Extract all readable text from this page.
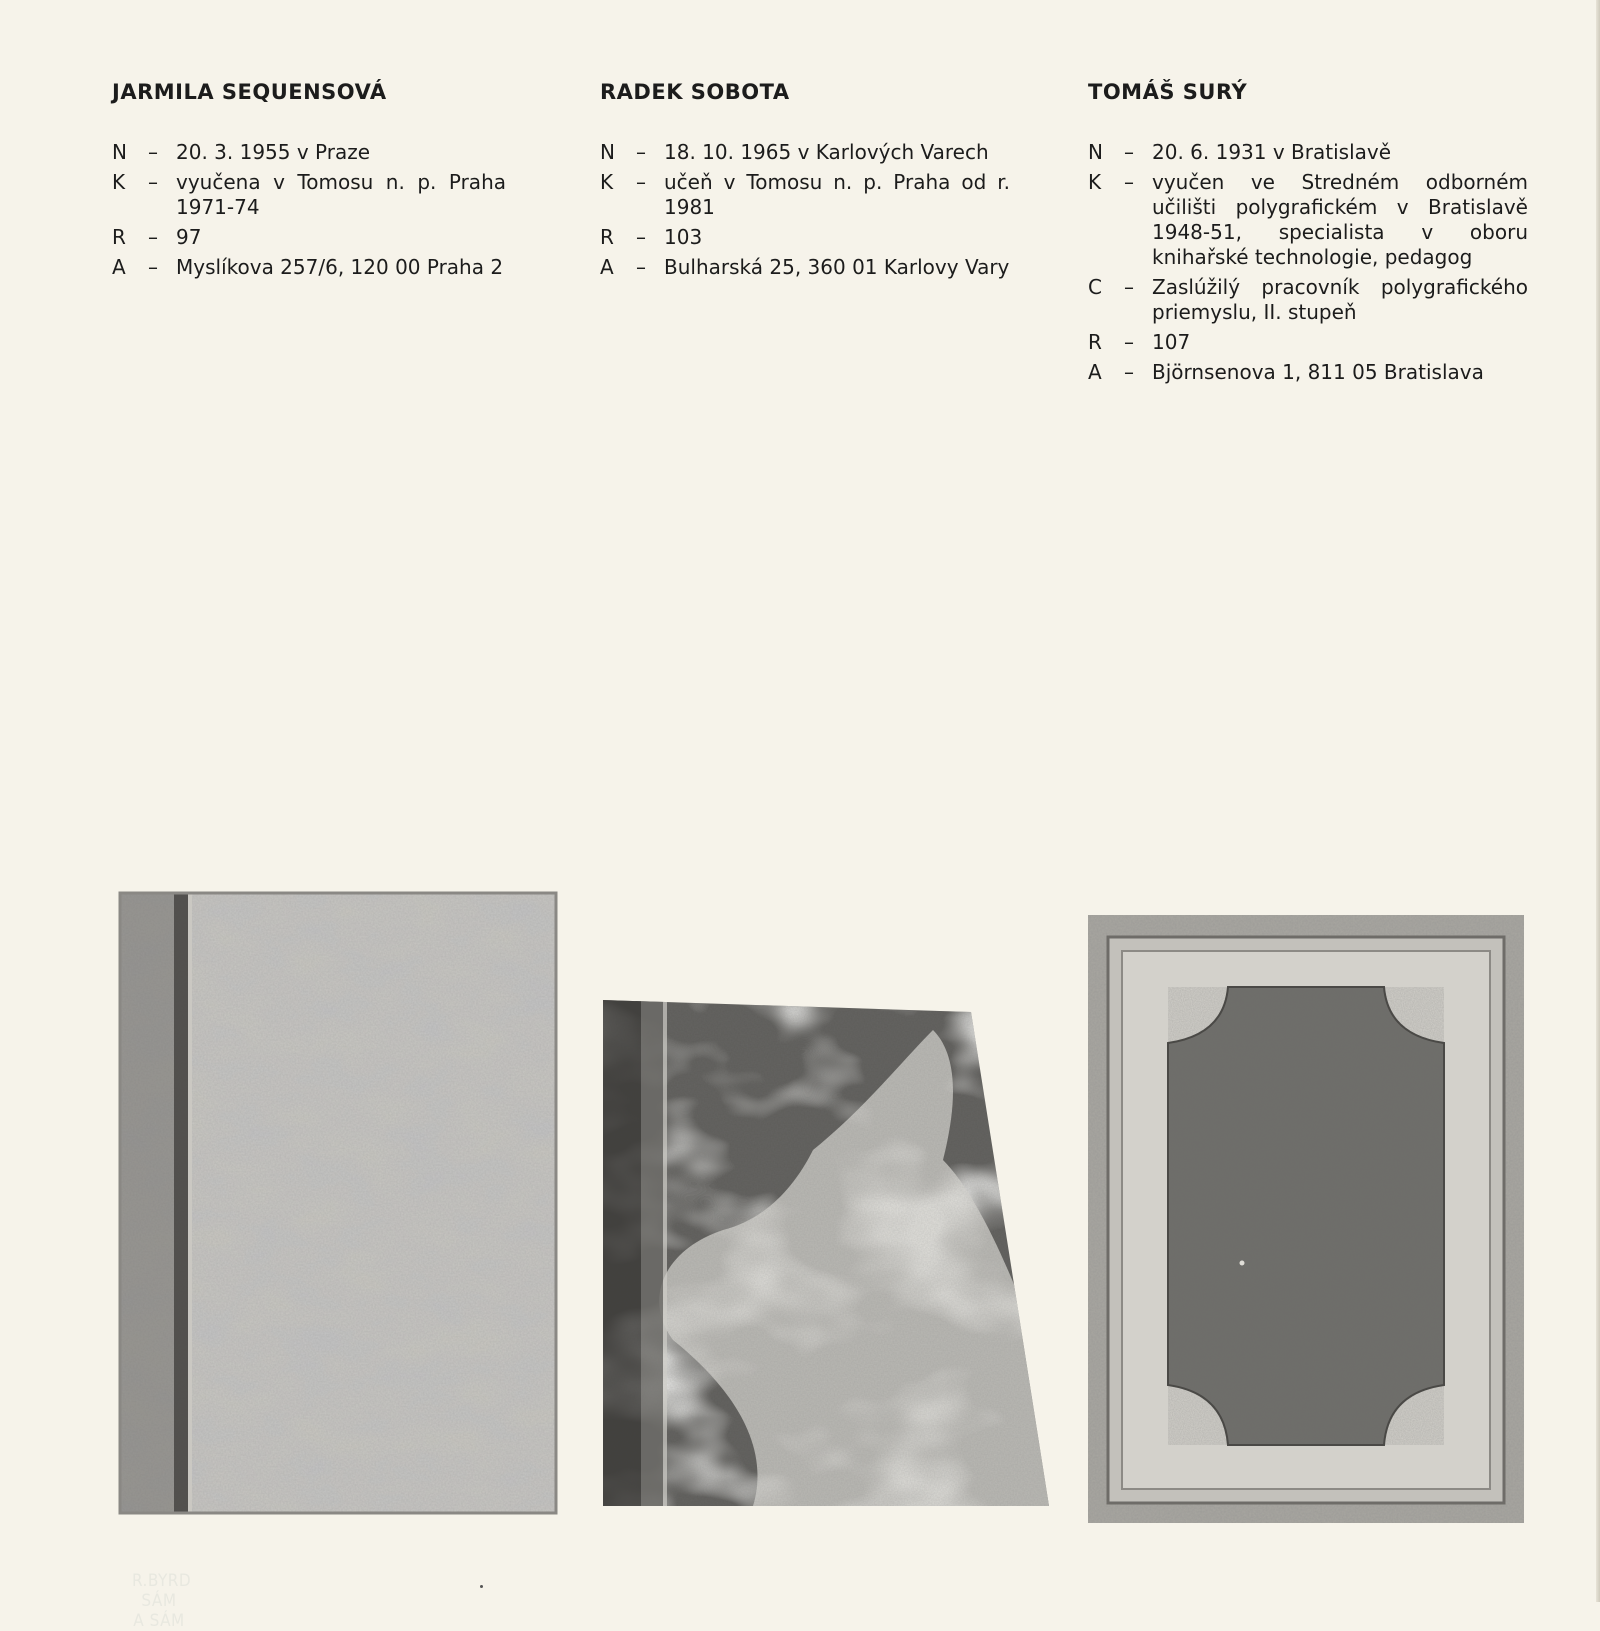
JARMILA SEQUENSOVÁ
N	– 20. 3. 1955 v Praze
K	– vyučena v Tomosu n. p. Praha 1971-74
R	– 97
A	– Myslíkova 257/6, 120 00 Praha 2
RADEK SOBOTA
N	– 18. 10. 1965 v Karlových Varech
K	– učeň v Tomosu n. p. Praha od r. 1981
R	– 103
A	– Bulharská 25, 360 01 Karlovy Vary
TOMÁŠ SURÝ
N	– 20. 6. 1931 v Bratislavě
K	– vyučen ve Stredném odborném učilišti polygrafickém v Bratislavě 1948-51, specialista v oboru knihařské technologie, pedagog
C	– Zaslúžilý pracovník polygrafického priemyslu, II. stupeň
R	– 107
A	– Björnsenova 1, 811 05 Bratislava
R.BYRD
SÁM
A SÁM
